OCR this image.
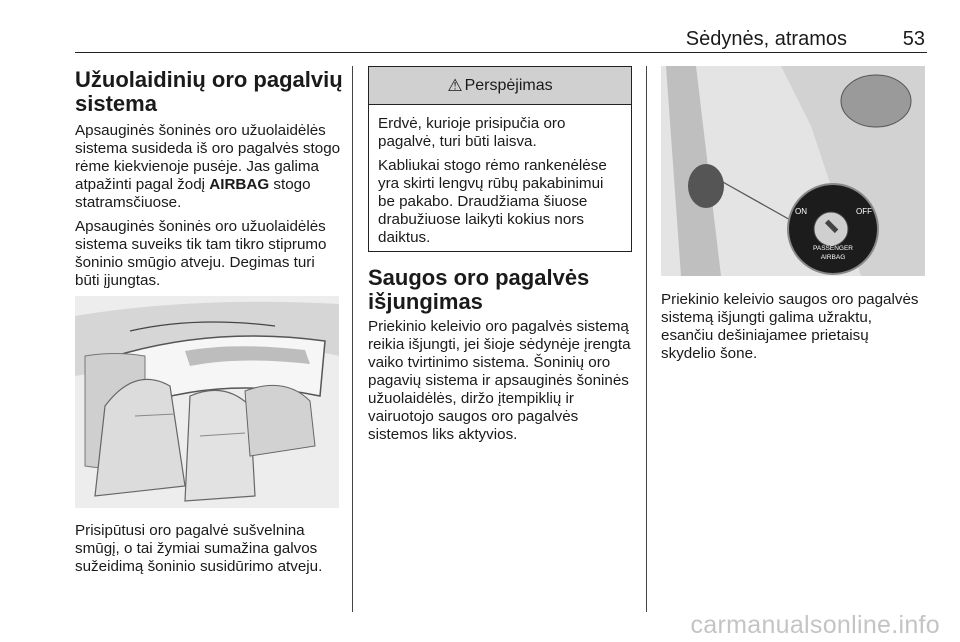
Sėdynės, atramos	53
Užuolaidinių oro pagalvių sistema

Apsauginės šoninės oro užuolaidėlės sistema susideda iš oro pagalvės stogo rėme kiekvienoje pusėje. Jas galima atpažinti pagal žodį AIRBAG stogo statramsčiuose.

Apsauginės šoninės oro užuolaidėlės sistema suveiks tik tam tikro stiprumo šoninio smūgio atveju. Degimas turi būti įjungtas.

Prisipūtusi oro pagalvė sušvelnina smūgį, o tai žymiai sumažina galvos sužeidimą šoninio susidūrimo atveju.

⚠ Perspėjimas

Erdvė, kurioje prisipučia oro pagalvė, turi būti laisva.

Kabliukai stogo rėmo rankenėlėse yra skirti lengvų rūbų pakabinimui be pakabo. Draudžiama šiuose drabužiuose laikyti kokius nors daiktus.

Saugos oro pagalvės išjungimas

Priekinio keleivio oro pagalvės sistemą reikia išjungti, jei šioje sėdynėje įrengta vaiko tvirtinimo sistema. Šoninių oro pagavių sistema ir apsauginės šoninės užuolaidėlės, diržo įtempiklių ir vairuotojo saugos oro pagalvės sistemos liks aktyvios.

ON	OFF
PASSENGER
AIRBAG

Priekinio keleivio saugos oro pagalvės sistemą išjungti galima užraktu, esančiu dešiniajamee prietaisų skydelio šone.

carmanualsonline.info
